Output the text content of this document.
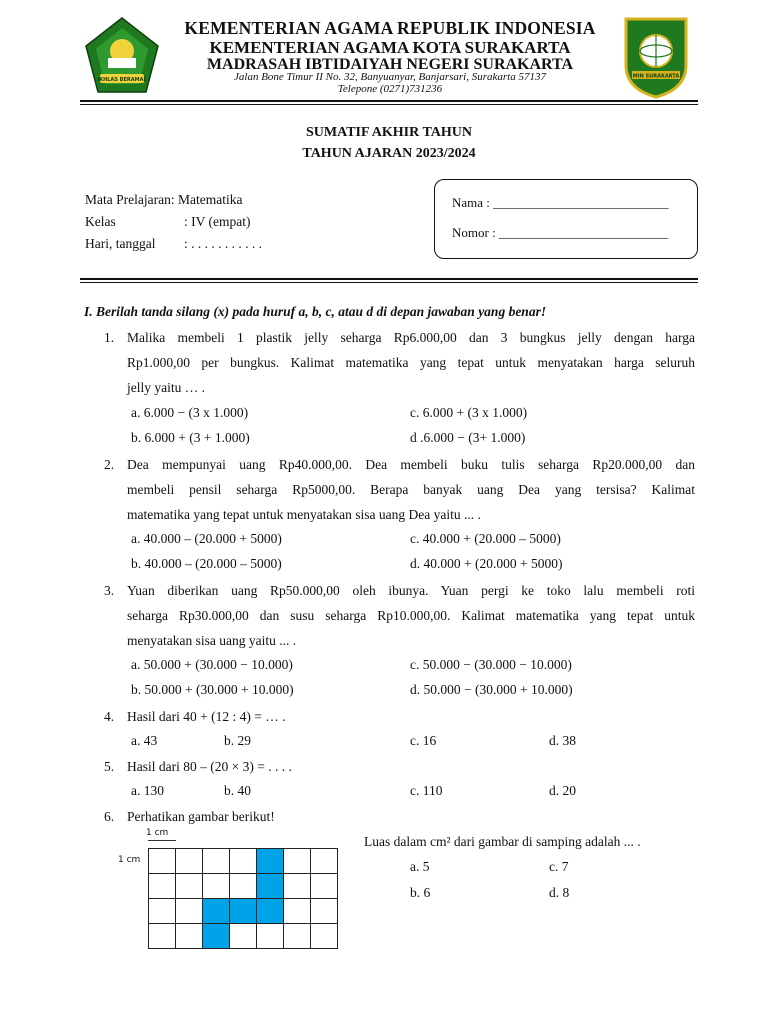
IKHLAS BERAMAL
KEMENTERIAN AGAMA REPUBLIK INDONESIA
KEMENTERIAN AGAMA KOTA SURAKARTA
MADRASAH IBTIDAIYAH NEGERI SURAKARTA
Jalan Bone Timur II No. 32, Banyuanyar, Banjarsari, Surakarta 57137
Telepone (0271)731236
MIN SURAKARTA
SUMATIF AKHIR TAHUN
TAHUN AJARAN 2023/2024
Mata Prelajaran: Matematika
Kelas	: IV (empat)
Hari, tanggal : . . . . . . . . . . .
Nama : ___________________________
Nomor : __________________________
I. Berilah tanda silang (x) pada huruf a, b, c, atau d di depan jawaban yang benar!
1. Malika membeli 1 plastik jelly seharga Rp6.000,00 dan 3 bungkus jelly dengan harga
Rp1.000,00 per bungkus. Kalimat matematika yang tepat untuk menyatakan harga seluruh
jelly yaitu … .
a. 6.000 − (3 x 1.000)	c. 6.000 + (3 x 1.000)
b. 6.000 + (3 + 1.000)	d .6.000 − (3+ 1.000)
2. Dea mempunyai uang Rp40.000,00. Dea membeli buku tulis seharga Rp20.000,00 dan
membeli pensil seharga Rp5000,00. Berapa banyak uang Dea yang tersisa? Kalimat
matematika yang tepat untuk menyatakan sisa uang Dea yaitu ... .
a. 40.000 – (20.000 + 5000)	c. 40.000 + (20.000 – 5000)
b. 40.000 – (20.000 – 5000)	d. 40.000 + (20.000 + 5000)
3. Yuan diberikan uang Rp50.000,00 oleh ibunya. Yuan pergi ke toko lalu membeli roti
seharga Rp30.000,00 dan susu seharga Rp10.000,00. Kalimat matematika yang tepat untuk
menyatakan sisa uang yaitu ... .
a. 50.000 + (30.000 − 10.000)	c. 50.000 − (30.000 − 10.000)
b. 50.000 + (30.000 + 10.000)	d. 50.000 − (30.000 + 10.000)
4. Hasil dari 40 + (12 : 4) = … .
a. 43	b. 29	c. 16	d. 38
5. Hasil dari 80 – (20 × 3) = . . . .
a. 130	b. 40	c. 110	d. 20
6. Perhatikan gambar berikut!
1 cm
1 cm
Luas dalam cm² dari gambar di samping adalah ... .
a. 5	c. 7
b. 6	d. 8
